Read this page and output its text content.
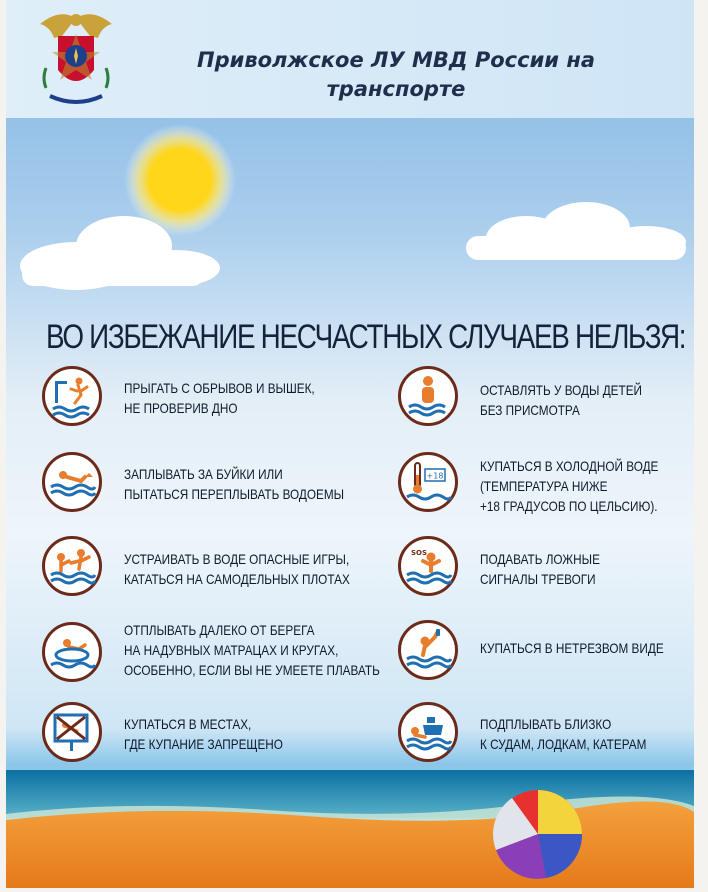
Приволжское ЛУ МВД России на
транспорте
ВО ИЗБЕЖАНИЕ НЕСЧАСТНЫХ СЛУЧАЕВ НЕЛЬЗЯ:
ПРЫГАТЬ С ОБРЫВОВ И ВЫШЕК,
НЕ ПРОВЕРИВ ДНО
ЗАПЛЫВАТЬ ЗА БУЙКИ ИЛИ
ПЫТАТЬСЯ ПЕРЕПЛЫВАТЬ ВОДОЕМЫ
УСТРАИВАТЬ В ВОДЕ ОПАСНЫЕ ИГРЫ,
КАТАТЬСЯ НА САМОДЕЛЬНЫХ ПЛОТАХ
ОТПЛЫВАТЬ ДАЛЕКО ОТ БЕРЕГА
НА НАДУВНЫХ МАТРАЦАХ И КРУГАХ,
ОСОБЕННО, ЕСЛИ ВЫ НЕ УМЕЕТЕ ПЛАВАТЬ
КУПАТЬСЯ В МЕСТАХ,
ГДЕ КУПАНИЕ ЗАПРЕЩЕНО
ОСТАВЛЯТЬ У ВОДЫ ДЕТЕЙ
БЕЗ ПРИСМОТРА
+18
КУПАТЬСЯ В ХОЛОДНОЙ ВОДЕ
(ТЕМПЕРАТУРА НИЖЕ
+18 ГРАДУСОВ ПО ЦЕЛЬСИЮ).
SOS	ПОДАВАТЬ ЛОЖНЫЕ
СИГНАЛЫ ТРЕВОГИ
КУПАТЬСЯ В НЕТРЕЗВОМ ВИДЕ
ПОДПЛЫВАТЬ БЛИЗКО
К СУДАМ, ЛОДКАМ, КАТЕРАМ
